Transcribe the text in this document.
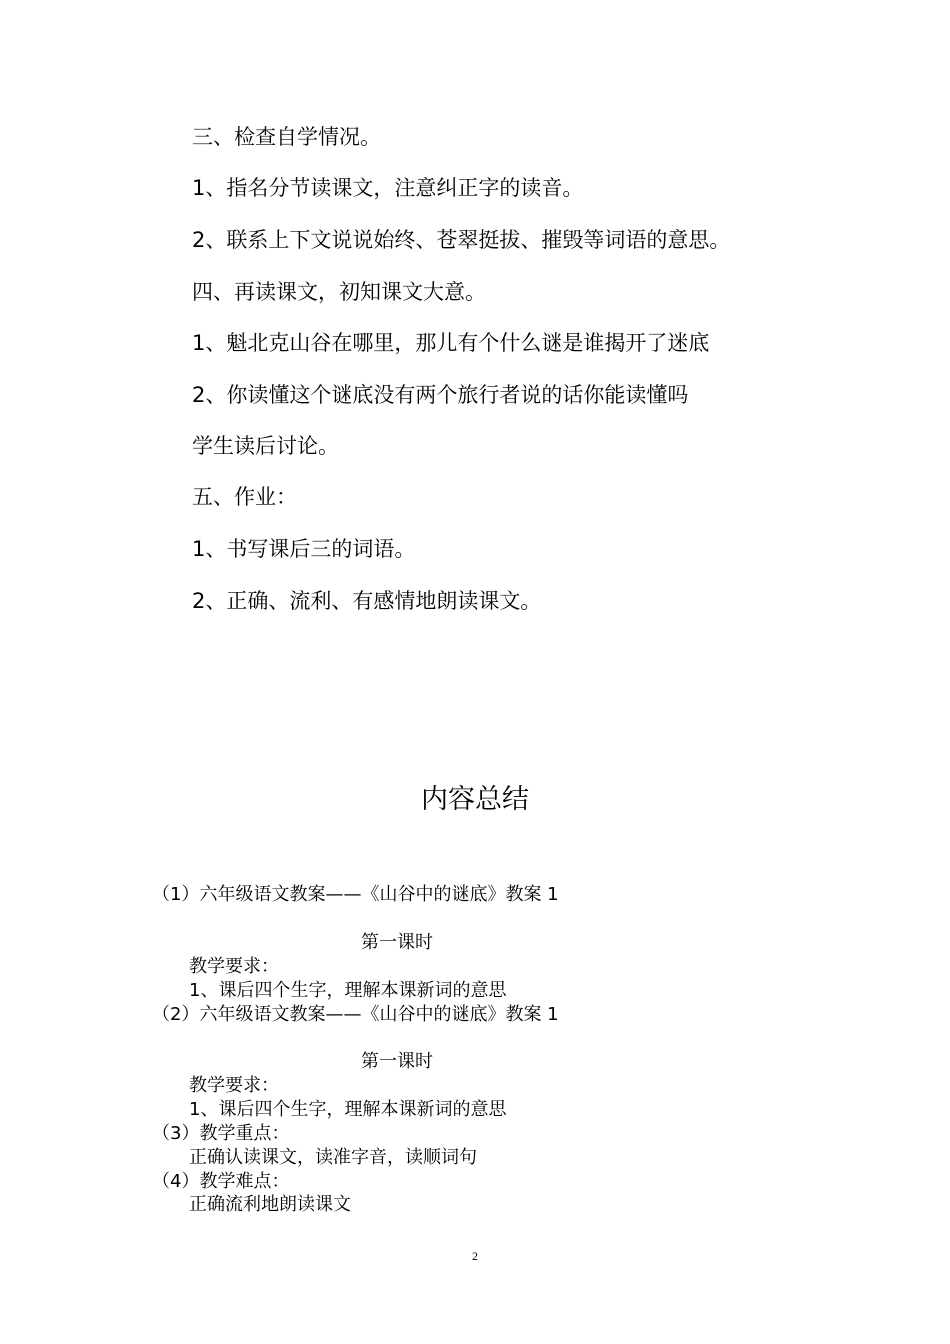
三、检查自学情况。
1、指名分节读课文，注意纠正字的读音。
2、联系上下文说说始终、苍翠挺拔、摧毁等词语的意思。
四、再读课文，初知课文大意。
1、魁北克山谷在哪里，那儿有个什么谜是谁揭开了迷底
2、你读懂这个谜底没有两个旅行者说的话你能读懂吗
学生读后讨论。
五、作业：
1、书写课后三的词语。
2、正确、流利、有感情地朗读课文。
内容总结
（1）六年级语文教案——《山谷中的谜底》教案 1
第一课时
教学要求：
1、课后四个生字，理解本课新词的意思
（2）六年级语文教案——《山谷中的谜底》教案 1
第一课时
教学要求：
1、课后四个生字，理解本课新词的意思
（3）教学重点：
正确认读课文，读准字音，读顺词句
（4）教学难点：
正确流利地朗读课文
2
